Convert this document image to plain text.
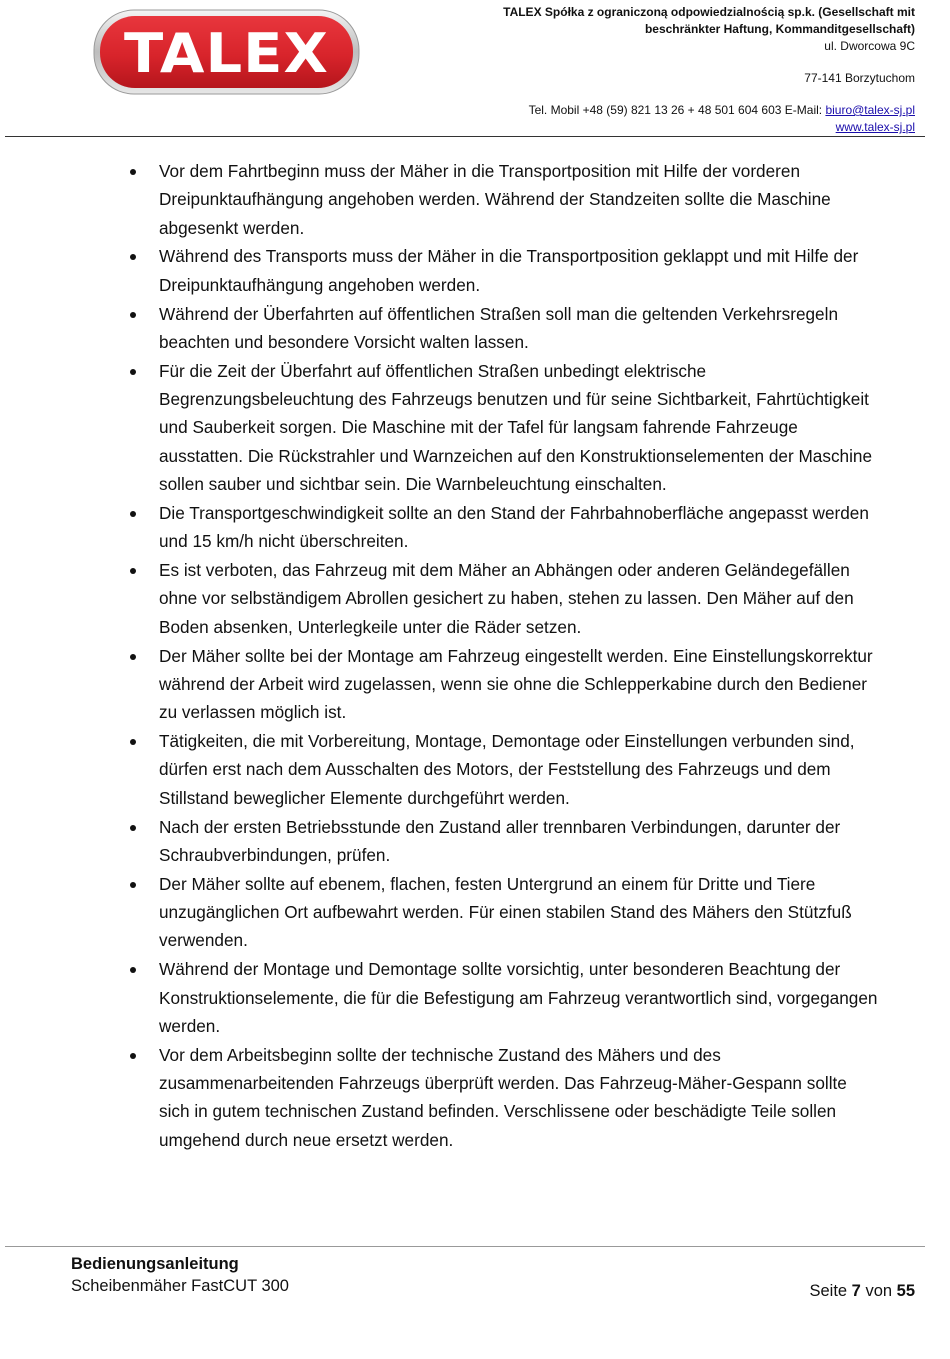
TALEX
TALEX Spółka z ograniczoną odpowiedzialnością sp.k. (Gesellschaft mit
beschränkter Haftung, Kommanditgesellschaft)
ul. Dworcowa 9C
77-141 Borzytuchom
Tel. Mobil +48 (59) 821 13 26 + 48 501 604 603 E-Mail: biuro@talex-sj.pl
www.talex-sj.pl
Vor dem Fahrtbeginn muss der Mäher in die Transportposition mit Hilfe der vorderen Dreipunktaufhängung angehoben werden. Während der Standzeiten sollte die Maschine abgesenkt werden.
Während des Transports muss der Mäher in die Transportposition geklappt und mit Hilfe der Dreipunktaufhängung angehoben werden.
Während der Überfahrten auf öffentlichen Straßen soll man die geltenden Verkehrsregeln beachten und besondere Vorsicht walten lassen.
Für die Zeit der Überfahrt auf öffentlichen Straßen unbedingt elektrische Begrenzungsbeleuchtung des Fahrzeugs benutzen und für seine Sichtbarkeit, Fahrtüchtigkeit und Sauberkeit sorgen. Die Maschine mit der Tafel für langsam fahrende Fahrzeuge ausstatten. Die Rückstrahler und Warnzeichen auf den Konstruktionselementen der Maschine sollen sauber und sichtbar sein. Die Warnbeleuchtung einschalten.
Die Transportgeschwindigkeit sollte an den Stand der Fahrbahnoberfläche angepasst werden und 15 km/h nicht überschreiten.
Es ist verboten, das Fahrzeug mit dem Mäher an Abhängen oder anderen Geländegefällen ohne vor selbständigem Abrollen gesichert zu haben, stehen zu lassen. Den Mäher auf den Boden absenken, Unterlegkeile unter die Räder setzen.
Der Mäher sollte bei der Montage am Fahrzeug eingestellt werden. Eine Einstellungskorrektur während der Arbeit wird zugelassen, wenn sie ohne die Schlepperkabine durch den Bediener zu verlassen möglich ist.
Tätigkeiten, die mit Vorbereitung, Montage, Demontage oder Einstellungen verbunden sind, dürfen erst nach dem Ausschalten des Motors, der Feststellung des Fahrzeugs und dem Stillstand beweglicher Elemente durchgeführt werden.
Nach der ersten Betriebsstunde den Zustand aller trennbaren Verbindungen, darunter der Schraubverbindungen, prüfen.
Der Mäher sollte auf ebenem, flachen, festen Untergrund an einem für Dritte und Tiere unzugänglichen Ort aufbewahrt werden. Für einen stabilen Stand des Mähers den Stützfuß verwenden.
Während der Montage und Demontage sollte vorsichtig, unter besonderen Beachtung der Konstruktionselemente, die für die Befestigung am Fahrzeug verantwortlich sind, vorgegangen werden.
Vor dem Arbeitsbeginn sollte der technische Zustand des Mähers und des zusammenarbeitenden Fahrzeugs überprüft werden. Das Fahrzeug-Mäher-Gespann sollte sich in gutem technischen Zustand befinden. Verschlissene oder beschädigte Teile sollen umgehend durch neue ersetzt werden.
Bedienungsanleitung
Scheibenmäher FastCUT 300	Seite 7 von 55
